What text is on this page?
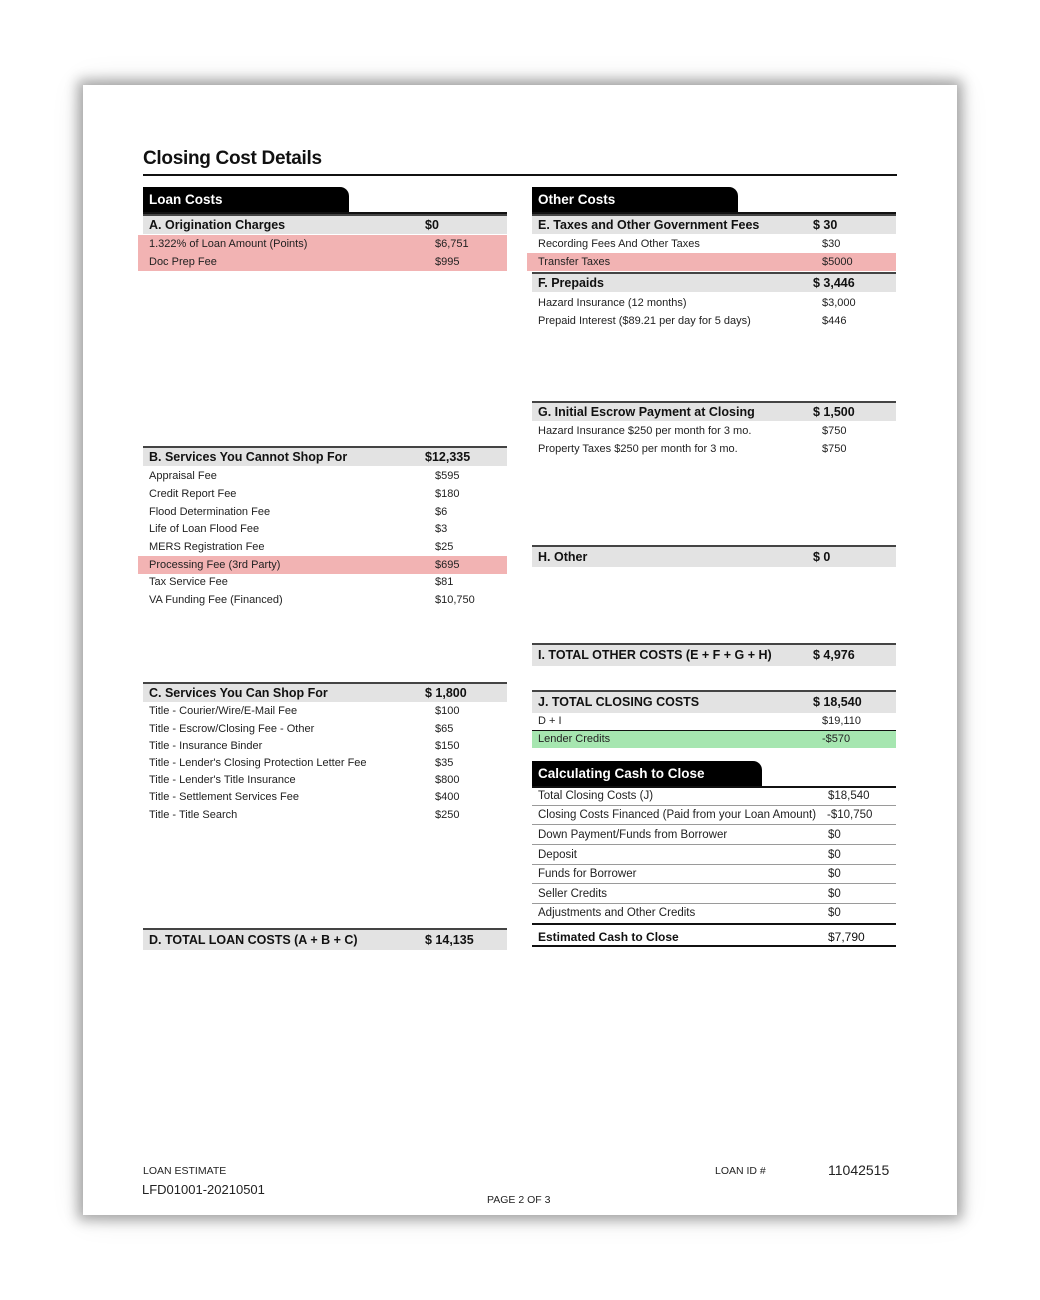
Closing Cost Details
Loan Costs
A. Origination Charges	$0
1.322% of Loan Amount (Points)	$6,751
Doc Prep Fee	$995
B. Services You Cannot Shop For	$12,335
Appraisal Fee	$595
Credit Report Fee	$180
Flood Determination Fee	$6
Life of Loan Flood Fee	$3
MERS Registration Fee	$25
Processing Fee (3rd Party)	$695
Tax Service Fee	$81
VA Funding Fee (Financed)	$10,750
C. Services You Can Shop For	$ 1,800
Title - Courier/Wire/E-Mail Fee	$100
Title - Escrow/Closing Fee - Other	$65
Title - Insurance Binder	$150
Title - Lender's Closing Protection Letter Fee	$35
Title - Lender's Title Insurance	$800
Title - Settlement Services Fee	$400
Title - Title Search	$250
D. TOTAL LOAN COSTS (A + B + C)	$ 14,135
Other Costs
E. Taxes and Other Government Fees	$ 30
Recording Fees And Other Taxes	$30
Transfer Taxes	$5000
F. Prepaids	$ 3,446
Hazard Insurance (12 months)	$3,000
Prepaid Interest ($89.21 per day for 5 days)	$446
G. Initial Escrow Payment at Closing	$ 1,500
Hazard Insurance $250 per month for 3 mo.	$750
Property Taxes $250 per month for 3 mo.	$750
H. Other	$ 0
I. TOTAL OTHER COSTS (E + F + G + H)	$ 4,976
J. TOTAL CLOSING COSTS	$ 18,540
D + I	$19,110
Lender Credits	-$570
Calculating Cash to Close
Total Closing Costs (J)	$18,540
Closing Costs Financed (Paid from your Loan Amount) -$10,750
Down Payment/Funds from Borrower	$0
Deposit	$0
Funds for Borrower	$0
Seller Credits	$0
Adjustments and Other Credits	$0
Estimated Cash to Close	$7,790
LOAN ESTIMATE
LFD01001-20210501
PAGE 2 OF 3
LOAN ID #	11042515
